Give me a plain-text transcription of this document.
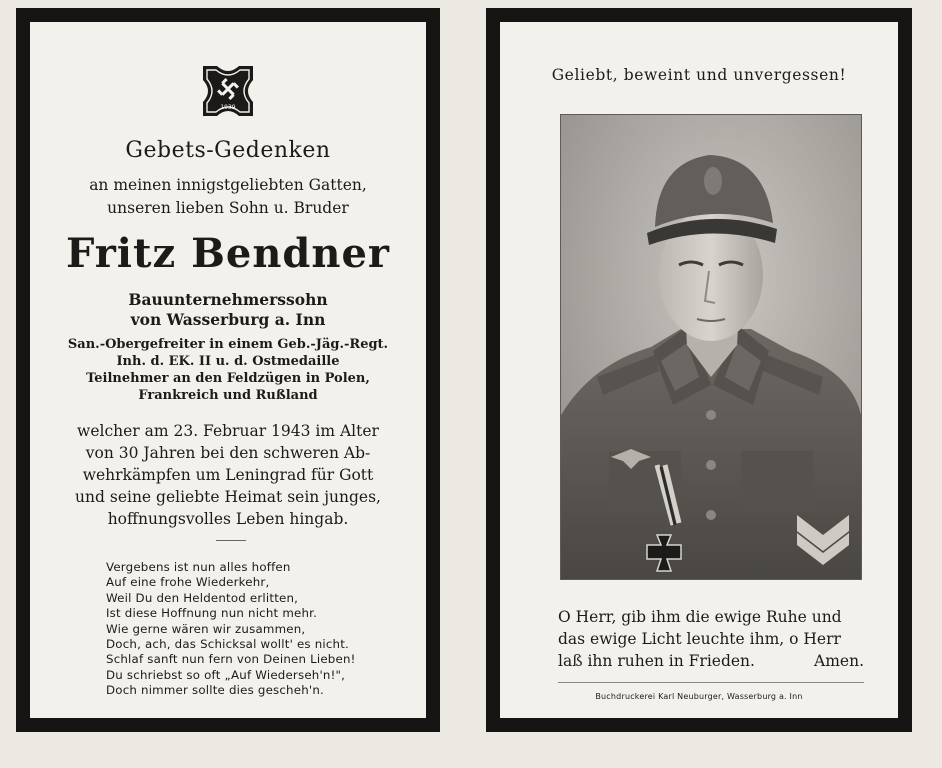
1939
Gebets-Gedenken
an meinen innigstgeliebten Gatten,
unseren lieben Sohn u. Bruder
Fritz Bendner
Bauunternehmerssohn
von Wasserburg a. Inn
San.-Obergefreiter in einem Geb.-Jäg.-Regt.
Inh. d. EK. II u. d. Ostmedaille
Teilnehmer an den Feldzügen in Polen,
Frankreich und Rußland
welcher am 23. Februar 1943 im Alter
von 30 Jahren bei den schweren Ab-
wehrkämpfen um Leningrad für Gott
und seine geliebte Heimat sein junges,
hoffnungsvolles Leben hingab.
Vergebens ist nun alles hoffen
Auf eine frohe Wiederkehr,
Weil Du den Heldentod erlitten,
Ist diese Hoffnung nun nicht mehr.
Wie gerne wären wir zusammen,
Doch, ach, das Schicksal wollt' es nicht.
Schlaf sanft nun fern von Deinen Lieben!
Du schriebst so oft „Auf Wiederseh'n!",
Doch nimmer sollte dies gescheh'n.
Geliebt, beweint und unvergessen!
O Herr, gib ihm die ewige Ruhe und
das ewige Licht leuchte ihm, o Herr
laß ihn ruhen in Frieden.	Amen.
Buchdruckerei Karl Neuburger, Wasserburg a. Inn
